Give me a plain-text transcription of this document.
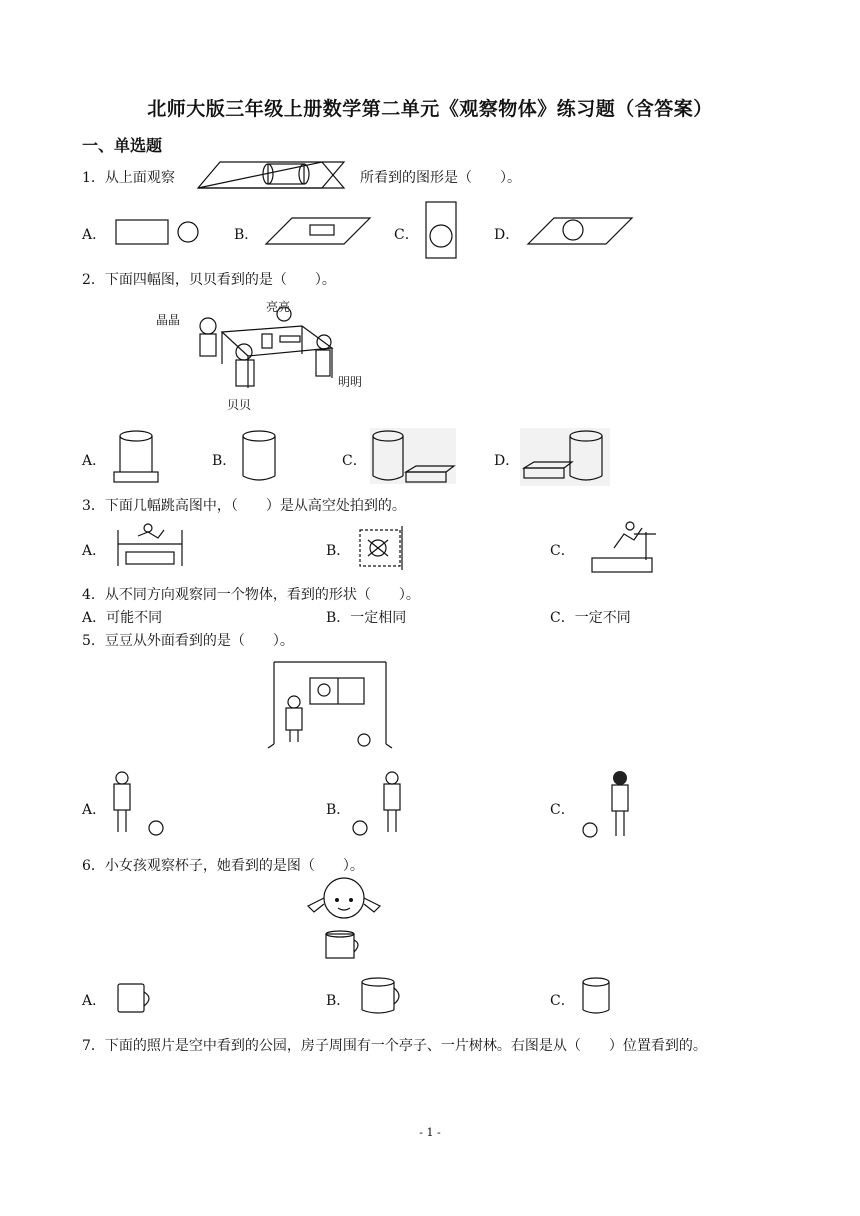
北师大版三年级上册数学第二单元《观察物体》练习题（含答案）
一、单选题
1．从上面观察	所看到的图形是（　　）。
A．	B．	C．	D．
2．下面四幅图，贝贝看到的是（　　）。
晶晶
亮亮
明明
贝贝
A．	B．	C．	D．
3．下面几幅跳高图中，（　　）是从高空处拍到的。
A．	B．	C．
4．从不同方向观察同一个物体，看到的形状（　　）。
A．可能不同	B．一定相同	C．一定不同
5．豆豆从外面看到的是（　　）。
A．	B．	C．
6．小女孩观察杯子，她看到的是图（　　）。
A．	B．	C．
7．下面的照片是空中看到的公园，房子周围有一个亭子、一片树林。右图是从（　　）位置看到的。
- 1 -
